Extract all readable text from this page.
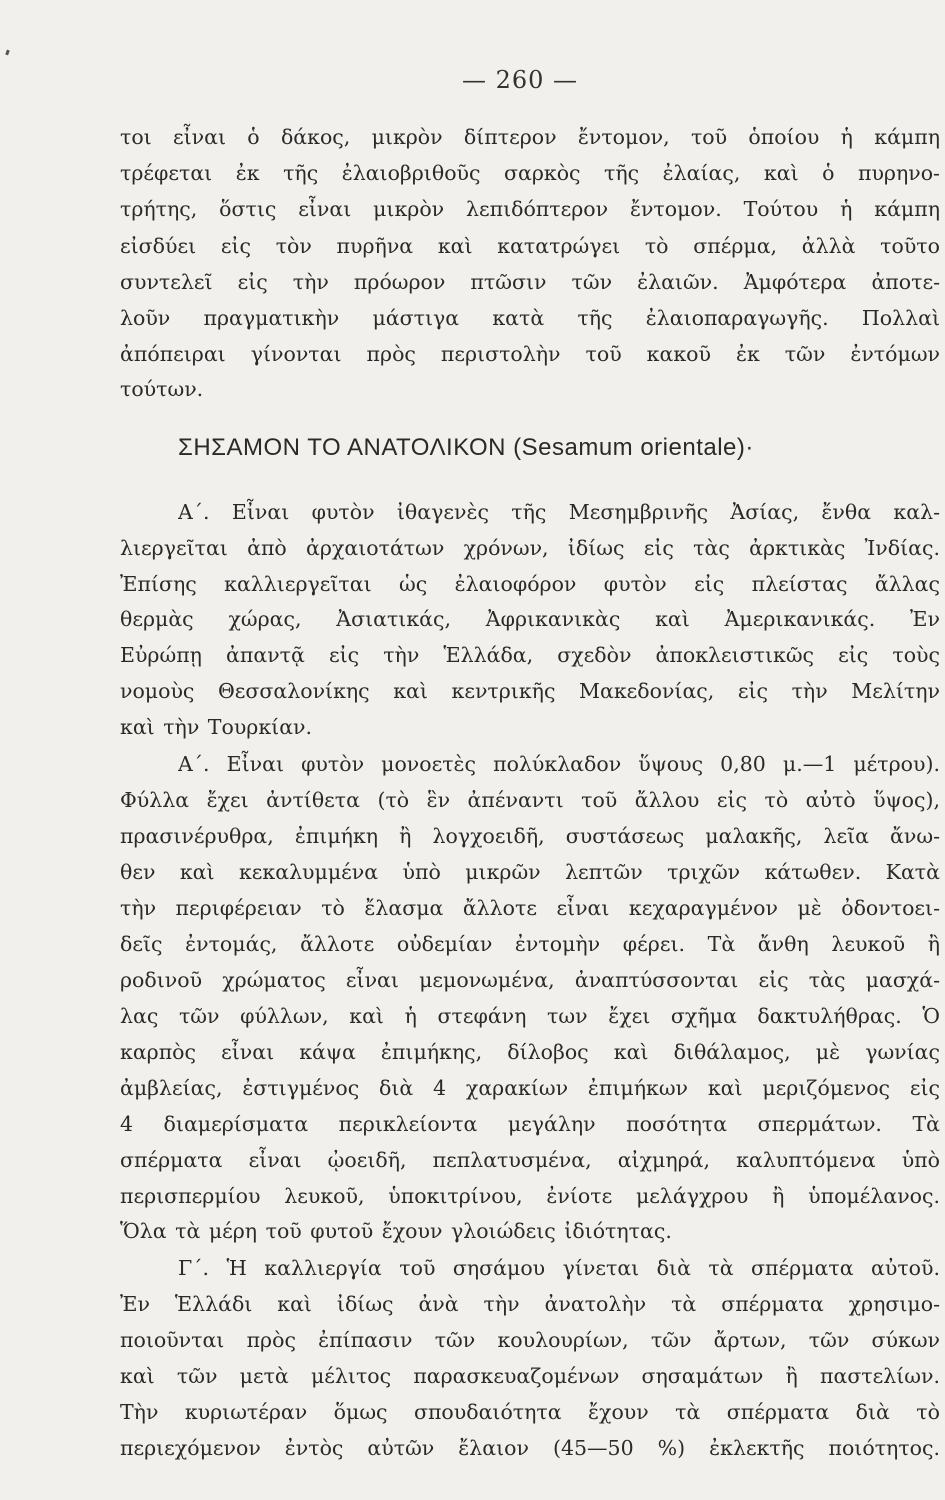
— 260 —
τοι εἶναι ὁ δάκος, μικρὸν δίπτερον ἔντομον, τοῦ ὁποίου ἡ κάμπη
τρέφεται ἐκ τῆς ἐλαιοβριθοῦς σαρκὸς τῆς ἐλαίας, καὶ ὁ πυρηνο-
τρήτης, ὅστις εἶναι μικρὸν λεπιδόπτερον ἔντομον. Τούτου ἡ κάμπη
εἰσδύει εἰς τὸν πυρῆνα καὶ κατατρώγει τὸ σπέρμα, ἀλλὰ τοῦτο
συντελεῖ εἰς τὴν πρόωρον πτῶσιν τῶν ἐλαιῶν. Ἀμφότερα ἀποτε-
λοῦν πραγματικὴν μάστιγα κατὰ τῆς ἐλαιοπαραγωγῆς. Πολλαὶ
ἀπόπειραι γίνονται πρὸς περιστολὴν τοῦ κακοῦ ἐκ τῶν ἐντόμων
τούτων.
ΣΗΣΑΜΟΝ ΤΟ ΑΝΑΤΟΛΙΚΟΝ (Sesamum orientale)·
Α΄. Εἶναι φυτὸν ἰθαγενὲς τῆς Μεσημβρινῆς Ἀσίας, ἔνθα καλ-
λιεργεῖται ἀπὸ ἀρχαιοτάτων χρόνων, ἰδίως εἰς τὰς ἀρκτικὰς Ἰνδίας.
Ἐπίσης καλλιεργεῖται ὡς ἐλαιοφόρον φυτὸν εἰς πλείστας ἄλλας
θερμὰς χώρας, Ἀσιατικάς, Ἀφρικανικὰς καὶ Ἀμερικανικάς. Ἐν
Εὐρώπῃ ἀπαντᾷ εἰς τὴν Ἑλλάδα, σχεδὸν ἀποκλειστικῶς εἰς τοὺς
νομοὺς Θεσσαλονίκης καὶ κεντρικῆς Μακεδονίας, εἰς τὴν Μελίτην
καὶ τὴν Τουρκίαν.
Α΄. Εἶναι φυτὸν μονοετὲς πολύκλαδον ὕψους 0,80 μ.—1 μέτρου).
Φύλλα ἔχει ἀντίθετα (τὸ ἓν ἀπέναντι τοῦ ἄλλου εἰς τὸ αὐτὸ ὕψος),
πρασινέρυθρα, ἐπιμήκη ἢ λογχοειδῆ, συστάσεως μαλακῆς, λεῖα ἄνω-
θεν καὶ κεκαλυμμένα ὑπὸ μικρῶν λεπτῶν τριχῶν κάτωθεν. Κατὰ
τὴν περιφέρειαν τὸ ἔλασμα ἄλλοτε εἶναι κεχαραγμένον μὲ ὀδοντοει-
δεῖς ἐντομάς, ἄλλοτε οὐδεμίαν ἐντομὴν φέρει. Τὰ ἄνθη λευκοῦ ἢ
ροδινοῦ χρώματος εἶναι μεμονωμένα, ἀναπτύσσονται εἰς τὰς μασχά-
λας τῶν φύλλων, καὶ ἡ στεφάνη των ἔχει σχῆμα δακτυλήθρας. Ὁ
καρπὸς εἶναι κάψα ἐπιμήκης, δίλοβος καὶ διθάλαμος, μὲ γωνίας
ἀμβλείας, ἐστιγμένος διὰ 4 χαρακίων ἐπιμήκων καὶ μεριζόμενος εἰς
4 διαμερίσματα περικλείοντα μεγάλην ποσότητα σπερμάτων. Τὰ
σπέρματα εἶναι ᾠοειδῆ, πεπλατυσμένα, αἰχμηρά, καλυπτόμενα ὑπὸ
περισπερμίου λευκοῦ, ὑποκιτρίνου, ἐνίοτε μελάγχρου ἢ ὑπομέλανος.
Ὅλα τὰ μέρη τοῦ φυτοῦ ἔχουν γλοιώδεις ἰδιότητας.
Γ΄. Ἡ καλλιεργία τοῦ σησάμου γίνεται διὰ τὰ σπέρματα αὐτοῦ.
Ἐν Ἑλλάδι καὶ ἰδίως ἀνὰ τὴν ἀνατολὴν τὰ σπέρματα χρησιμο-
ποιοῦνται πρὸς ἐπίπασιν τῶν κουλουρίων, τῶν ἄρτων, τῶν σύκων
καὶ τῶν μετὰ μέλιτος παρασκευαζομένων σησαμάτων ἢ παστελίων.
Τὴν κυριωτέραν ὅμως σπουδαιότητα ἔχουν τὰ σπέρματα διὰ τὸ
περιεχόμενον ἐντὸς αὐτῶν ἔλαιον (45—50 %) ἐκλεκτῆς ποιότητος.
